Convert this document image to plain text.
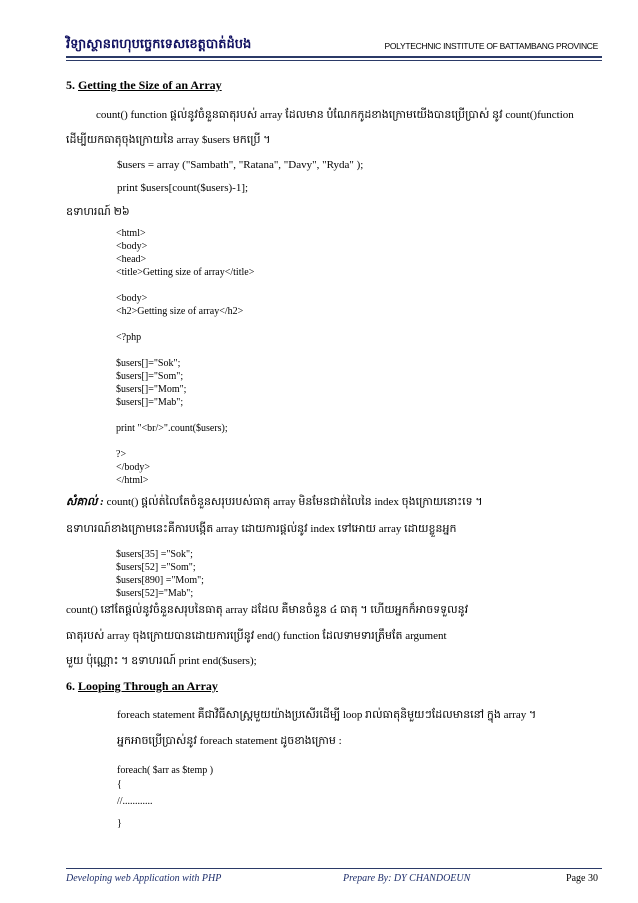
វិទ្យាស្ថានពហុបច្ចេកទេសខេត្តបាត់ដំបង	POLYTECHNIC INSTITUTE OF BATTAMBANG PROVINCE
5. Getting the Size of an Array
count() function ផ្តល់នូវចំនួនធាតុរបស់ array ដែលមាន បំណែកកូដខាងក្រោមយើងបានប្រើប្រាស់ នូវ count()function
ដើម្បីយកធាតុចុងក្រោយនៃ array $users មកប្រើ ។
$users = array ("Sambath", "Ratana", "Davy", "Ryda" );
print $users[count($users)-1];
ឧទាហរណ៍ ២៦
<html>
<body>
<head>
<title>Getting size of array</title>
<body>
<h2>Getting size of array</h2>
<?php
$users[]="Sok";
$users[]="Som";
$users[]="Mom";
$users[]="Mab";
print "<br/>".count($users);
?>
</body>
</html>
សំគាល់ : count() ផ្តល់ត់លៃតែចំនួនសរុបរបស់ធាតុ array មិនមែនជាត់លៃនៃ index ចុងក្រោយនោះទេ ។
ឧទាហរណ៍ខាងក្រោមនេះគឺការបង្កើត array ដោយការផ្តល់នូវ index ទៅអោយ array ដោយខ្លួនអ្នក
$users[35] ="Sok";
$users[52] ="Som";
$users[890] ="Mom";
$users[52]="Mab";
count() នៅតែផ្តល់នូវចំនួនសរុបនៃធាតុ array ដដែល គឺមានចំនួន ៤ ធាតុ ។ ហើយអ្នកក៏អាចទទួលនូវ
ធាតុរបស់ array ចុងក្រោយបានដោយការប្រើនូវ end() function ដែលទាមទារត្រឹមតែ argument
មួយ ប៉ុណ្ណោះ ។ ឧទាហរណ៍ print end($users);
6. Looping Through an Array
foreach statement គឺជាវិធីសាស្រ្តមួយយ៉ាងប្រសើរដើម្បី loop រាល់ធាតុនិមួយៗដែលមាននៅ ក្នុង array ។
អ្នកអាចប្រើប្រាស់នូវ foreach statement ដូចខាងក្រោម :
foreach( $arr as $temp )
{
//............
}
Developing web Application with PHP	Prepare By: DY CHANDOEUN	Page 30
